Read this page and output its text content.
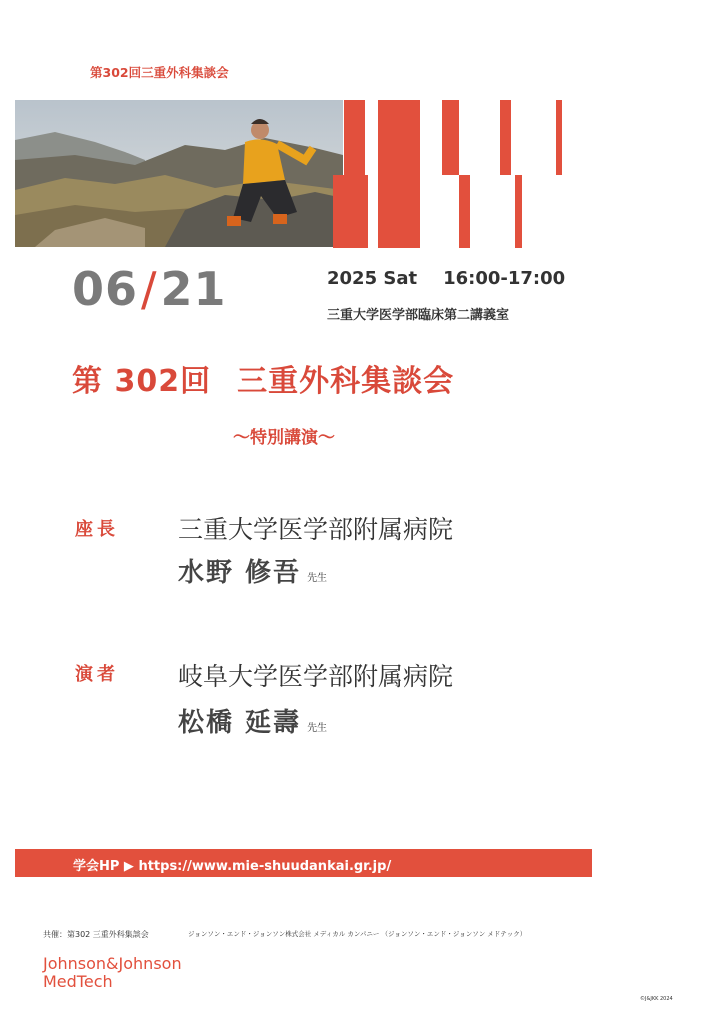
第302回三重外科集談会
06/21	2025 Sat 16:00-17:00
三重大学医学部臨床第二講義室
第 302回 三重外科集談会
～特別講演～
座長 三重大学医学部附属病院
水野 修吾 先生
演者 岐阜大学医学部附属病院
松橋 延壽 先生
学会HP ▶ https://www.mie-shuudankai.gr.jp/
共催：第302 三重外科集談会	ジョンソン・エンド・ジョンソン株式会社 メディカル カンパニー （ジョンソン・エンド・ジョンソン メドテック）
Johnson&Johnson
MedTech
©J&JKK 2024
